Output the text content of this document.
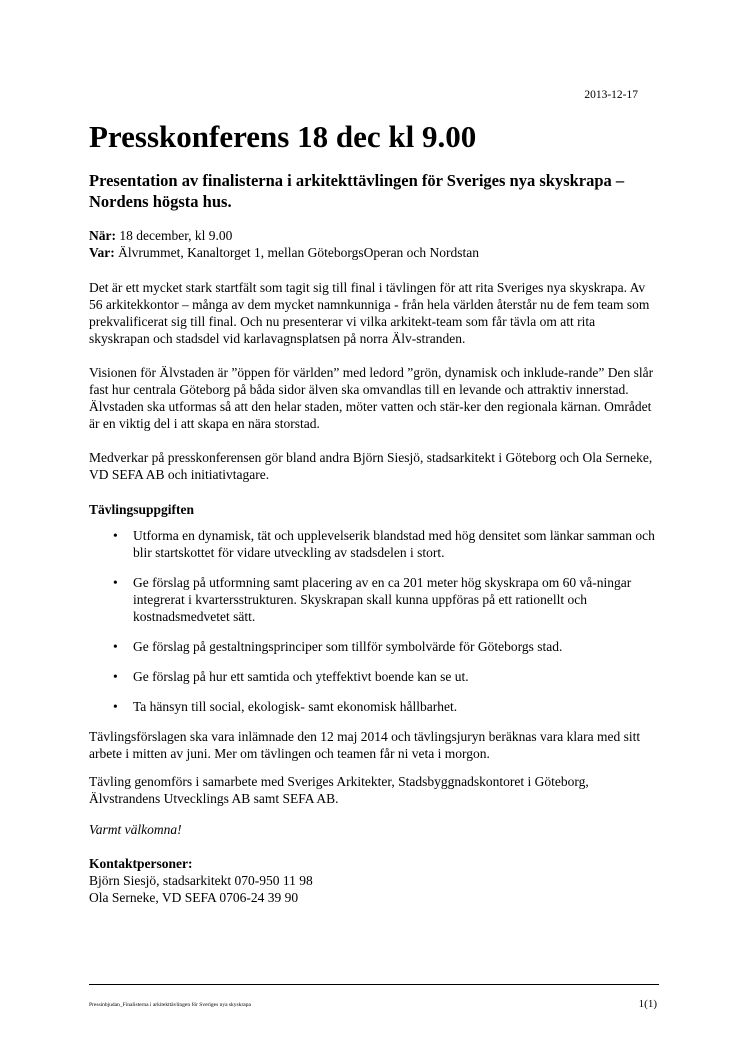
2013-12-17
Presskonferens 18 dec kl 9.00
Presentation av finalisterna i arkitekttävlingen för Sveriges nya skyskrapa – Nordens högsta hus.
När: 18 december, kl 9.00
Var: Älvrummet, Kanaltorget 1, mellan GöteborgsOperan och Nordstan

Det är ett mycket stark startfält som tagit sig till final i tävlingen för att rita Sveriges nya skyskrapa. Av 56 arkitekkontor – många av dem mycket namnkunniga - från hela världen återstår nu de fem team som prekvalificerat sig till final. Och nu presenterar vi vilka arkitekt-team som får tävla om att rita skyskrapan och stadsdel vid karlavagnsplatsen på norra Älv-stranden.

Visionen för Älvstaden är ”öppen för världen” med ledord ”grön, dynamisk och inklude-rande” Den slår fast hur centrala Göteborg på båda sidor älven ska omvandlas till en levande och attraktiv innerstad. Älvstaden ska utformas så att den helar staden, möter vatten och stär-ker den regionala kärnan. Området är en viktig del i att skapa en nära storstad.

Medverkar på presskonferensen gör bland andra Björn Siesjö, stadsarkitekt i Göteborg och Ola Serneke, VD SEFA AB och initiativtagare.

Tävlingsuppgiften
• Utforma en dynamisk, tät och upplevelserik blandstad med hög densitet som länkar samman och blir startskottet för vidare utveckling av stadsdelen i stort.
• Ge förslag på utformning samt placering av en ca 201 meter hög skyskrapa om 60 vå-ningar integrerat i kvartersstrukturen. Skyskrapan skall kunna uppföras på ett rationellt och kostnadsmedvetet sätt.
• Ge förslag på gestaltningsprinciper som tillför symbolvärde för Göteborgs stad.
• Ge förslag på hur ett samtida och yteffektivt boende kan se ut.
• Ta hänsyn till social, ekologisk- samt ekonomisk hållbarhet.

Tävlingsförslagen ska vara inlämnade den 12 maj 2014 och tävlingsjuryn beräknas vara klara med sitt arbete i mitten av juni. Mer om tävlingen och teamen får ni veta i morgon.

Tävling genomförs i samarbete med Sveriges Arkitekter, Stadsbyggnadskontoret i Göteborg, Älvstrandens Utvecklings AB samt SEFA AB.

Varmt välkomna!
Kontaktpersoner:
Björn Siesjö, stadsarkitekt 070-950 11 98
Ola Serneke, VD SEFA 0706-24 39 90
Pressinbjudan_Finalisterna i arkitekttävlingen för Sveriges nya skyskrapa	1(1)
